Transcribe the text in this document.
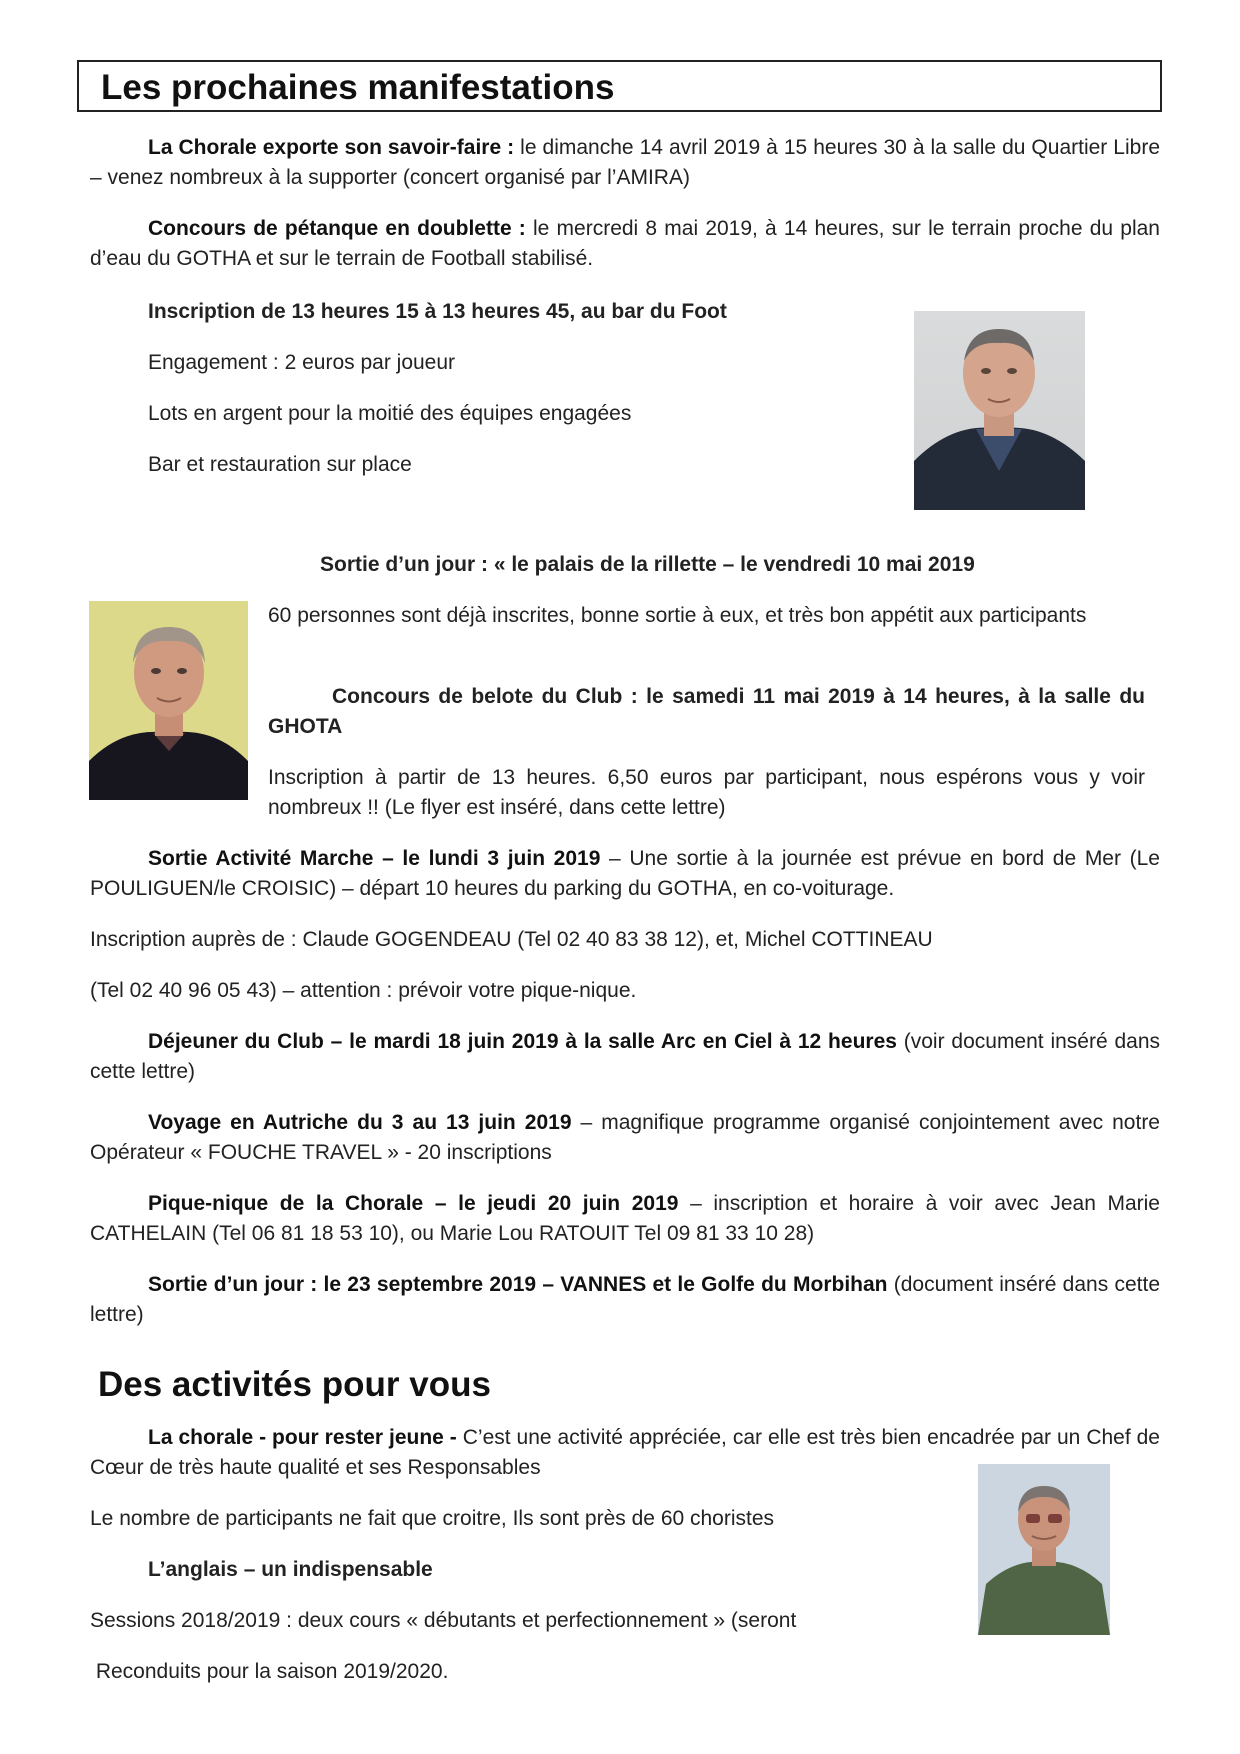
Les prochaines manifestations

La Chorale exporte son savoir-faire : le dimanche 14 avril 2019 à 15 heures 30 à la salle du Quartier Libre – venez nombreux à la supporter (concert organisé par l’AMIRA)

Concours de pétanque en doublette : le mercredi 8 mai 2019, à 14 heures, sur le terrain proche du plan d’eau du GOTHA et sur le terrain de Football stabilisé.

Inscription de 13 heures 15 à 13 heures 45, au bar du Foot

Engagement : 2 euros par joueur

Lots en argent pour la moitié des équipes engagées

Bar et restauration sur place

Sortie d’un jour : « le palais de la rillette – le vendredi 10 mai 2019

60 personnes sont déjà inscrites, bonne sortie à eux, et très bon appétit aux participants

Concours de belote du Club : le samedi 11 mai 2019 à 14 heures, à la salle du GHOTA

Inscription à partir de 13 heures. 6,50 euros par participant, nous espérons vous y voir nombreux !! (Le flyer est inséré, dans cette lettre)

Sortie Activité Marche – le lundi 3 juin 2019 – Une sortie à la journée est prévue en bord de Mer (Le POULIGUEN/le CROISIC) – départ 10 heures du parking du GOTHA, en co-voiturage.

Inscription auprès de : Claude GOGENDEAU (Tel 02 40 83 38 12), et, Michel COTTINEAU

(Tel 02 40 96 05 43) – attention : prévoir votre pique-nique.

Déjeuner du Club – le mardi 18 juin 2019 à la salle Arc en Ciel à 12 heures (voir document inséré dans cette lettre)

Voyage en Autriche du 3 au 13 juin 2019 – magnifique programme organisé conjointement avec notre Opérateur « FOUCHE TRAVEL » - 20 inscriptions

Pique-nique de la Chorale – le jeudi 20 juin 2019 – inscription et horaire à voir avec Jean Marie CATHELAIN (Tel 06 81 18 53 10), ou Marie Lou RATOUIT Tel 09 81 33 10 28)

Sortie d’un jour : le 23 septembre 2019 – VANNES et le Golfe du Morbihan (document inséré dans cette lettre)

Des activités pour vous

La chorale - pour rester jeune - C’est une activité appréciée, car elle est très bien encadrée par un Chef de Cœur de très haute qualité et ses Responsables

Le nombre de participants ne fait que croitre, Ils sont près de 60 choristes

L’anglais – un indispensable

Sessions 2018/2019 : deux cours « débutants et perfectionnement » (seront

Reconduits pour la saison 2019/2020.
